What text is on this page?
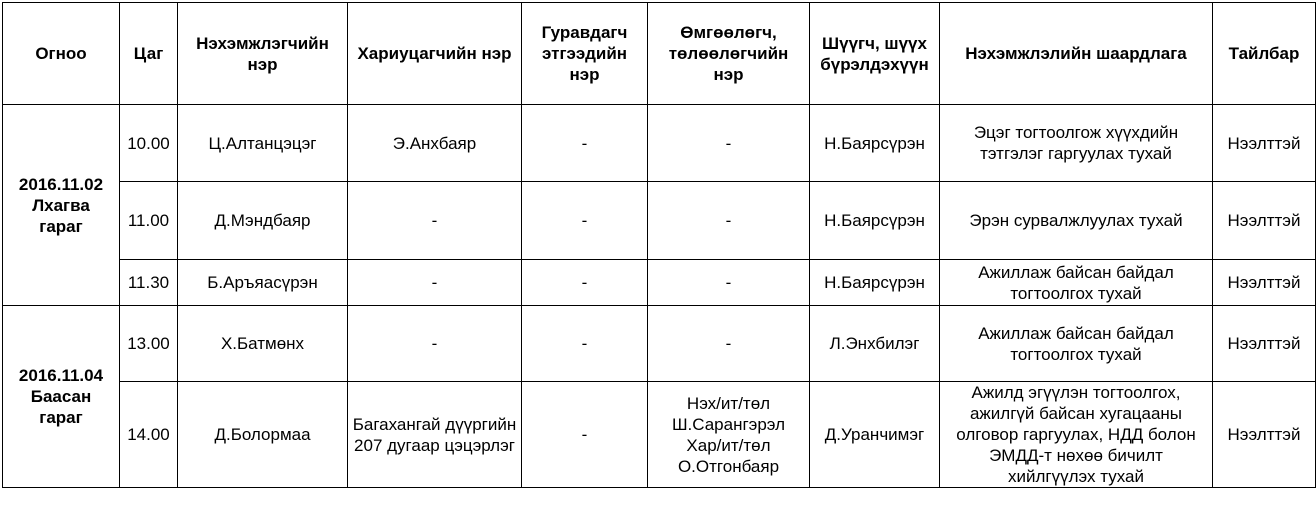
Огноо	Цаг	Нэхэмжлэгчийн нэр	Хариуцагчийн нэр	Гуравдагч этгээдийн нэр	Өмгөөлөгч, төлөөлөгчийн нэр	Шүүгч, шүүх бүрэлдэхүүн	Нэхэмжлэлийн шаардлага	Тайлбар

2016.11.02
Лхагва
гараг	10.00	Ц.Алтанцэцэг	Э.Анхбаяр	-	-	Н.Баярсүрэн	Эцэг тогтоолгож хүүхдийн тэтгэлэг гаргуулах тухай	Нээлттэй
	11.00	Д.Мэндбаяр	-	-	-	Н.Баярсүрэн	Эрэн сурвалжлуулах тухай	Нээлттэй
	11.30	Б.Аръяасүрэн	-	-	-	Н.Баярсүрэн	Ажиллаж байсан байдал тогтоолгох тухай	Нээлттэй

2016.11.04
Баасан
гараг	13.00	Х.Батмөнх	-	-	-	Л.Энхбилэг	Ажиллаж байсан байдал тогтоолгох тухай	Нээлттэй
	14.00	Д.Болормаа	Багахангай дүүргийн 207 дугаар цэцэрлэг	-	Нэх/ит/төл
Ш.Сарангэрэл
Хар/ит/төл
О.Отгонбаяр	Д.Уранчимэг	Ажилд эгүүлэн тогтоолгох, ажилгүй байсан хугацааны олговор гаргуулах, НДД болон ЭМДД-т нөхөө бичилт хийлгүүлэх тухай	Нээлттэй
